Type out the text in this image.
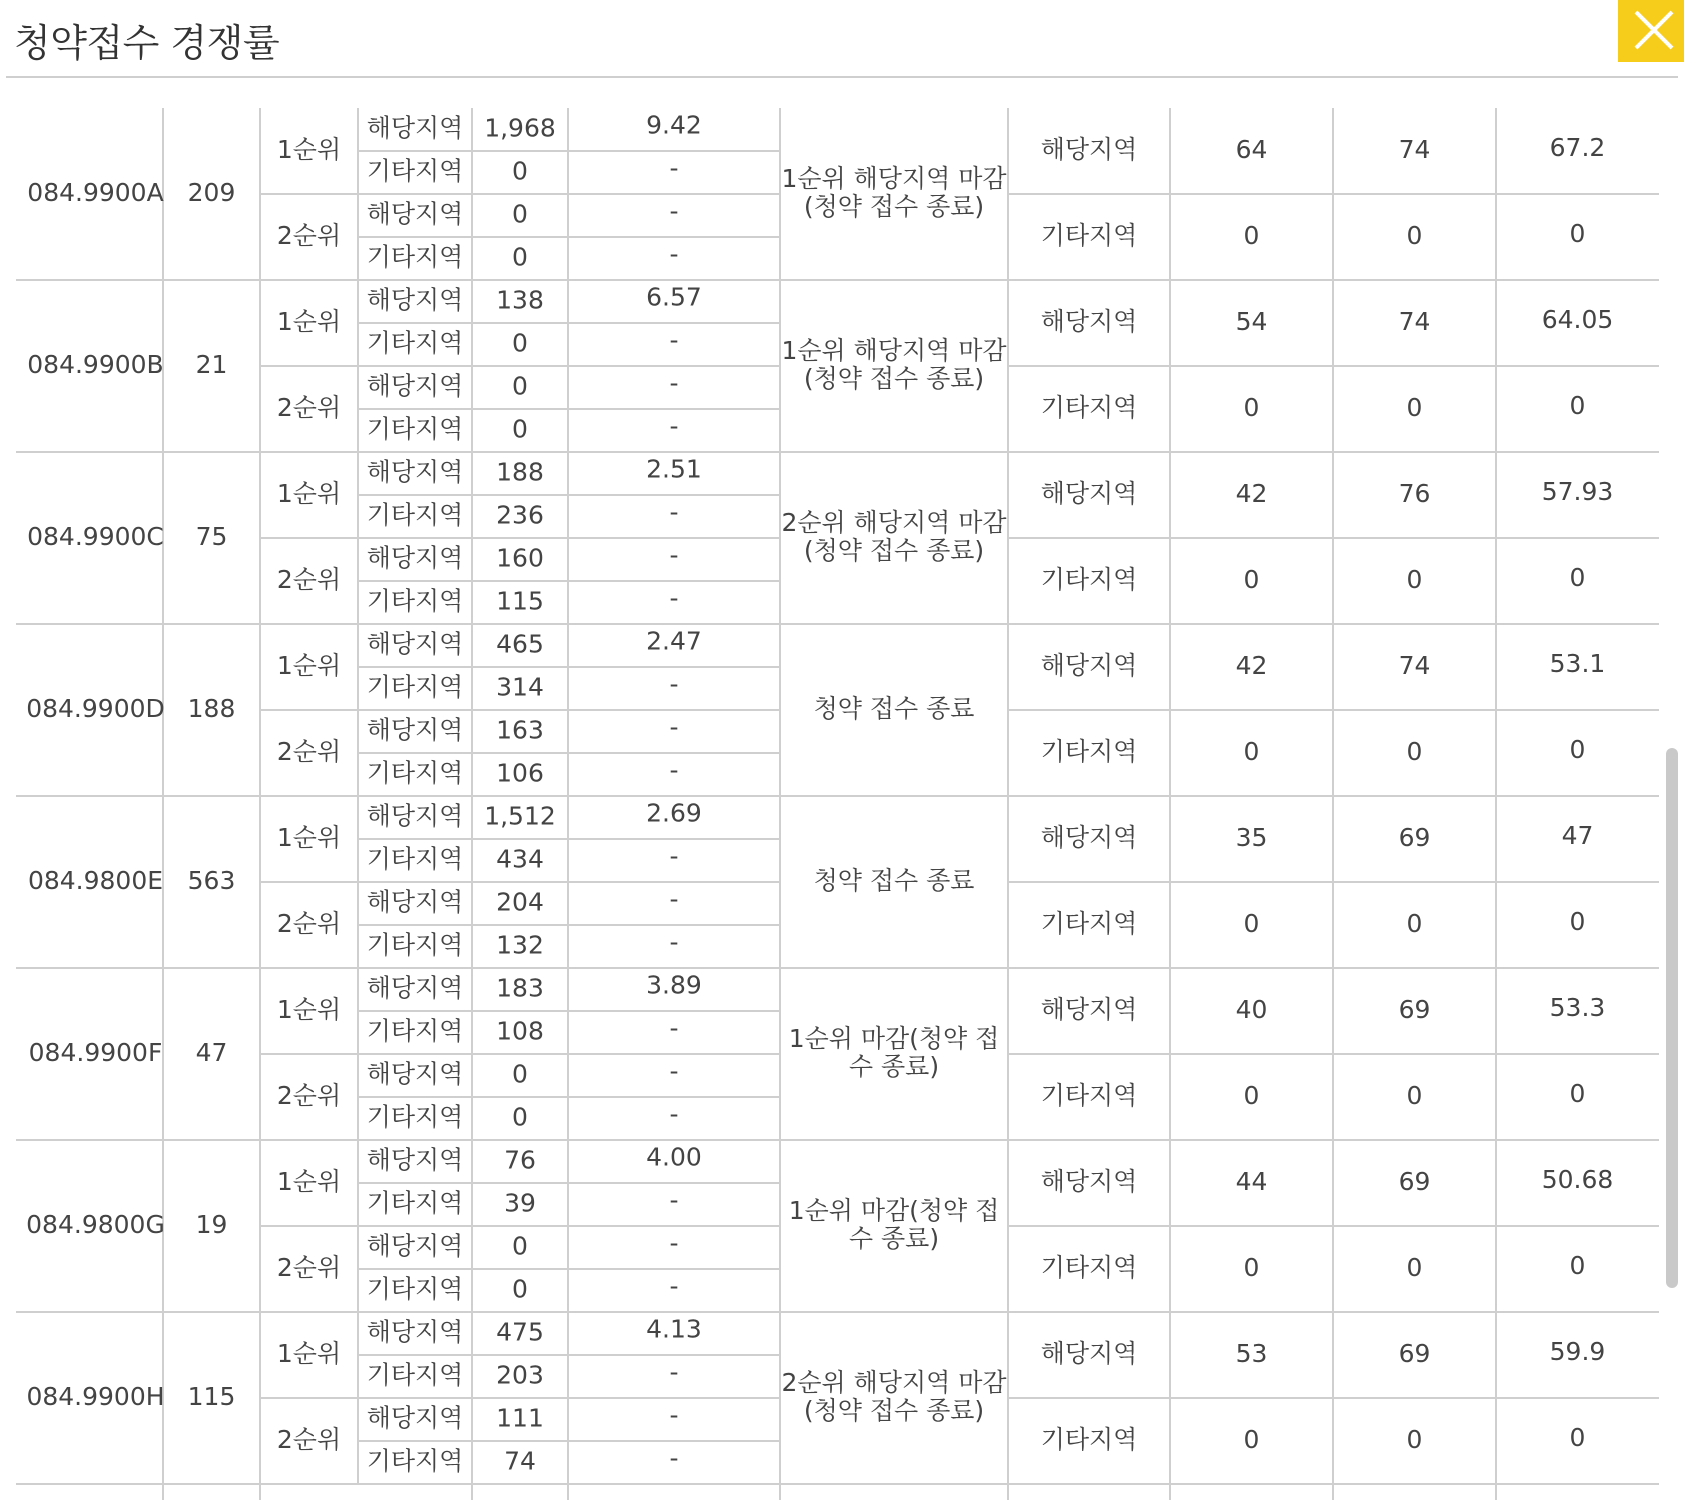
청약접수 경쟁률
084.9900A 209
1순위
해당지역 1,968	9.42
기타지역 0	-
2순위
해당지역 0	-
기타지역 0	-
1순위 해당지역 마감 (청약 접수 종료)
해당지역	64	74	67.2
기타지역	0	0	0
084.9900B 21
1순위
해당지역 138	6.57
기타지역 0	-
2순위
해당지역 0	-
기타지역 0	-
1순위 해당지역 마감 (청약 접수 종료)
해당지역	54	74	64.05
기타지역	0	0	0
084.9900C 75
1순위
해당지역 188	2.51
기타지역 236	-
2순위
해당지역 160	-
기타지역 115	-
2순위 해당지역 마감 (청약 접수 종료)
해당지역	42	76	57.93
기타지역	0	0	0
084.9900D 188
1순위
해당지역 465	2.47
기타지역 314	-
2순위
해당지역 163	-
기타지역 106	-
청약 접수 종료
해당지역	42	74	53.1
기타지역	0	0	0
084.9800E 563
1순위
해당지역 1,512	2.69
기타지역 434	-
2순위
해당지역 204	-
기타지역 132	-
청약 접수 종료
해당지역	35	69	47
기타지역	0	0	0
084.9900F 47
1순위
해당지역 183	3.89
기타지역 108	-
2순위
해당지역 0	-
기타지역 0	-
1순위 마감(청약 접 수 종료)
해당지역	40	69	53.3
기타지역	0	0	0
084.9800G 19
1순위
해당지역 76	4.00
기타지역 39	-
2순위
해당지역 0	-
기타지역 0	-
1순위 마감(청약 접 수 종료)
해당지역	44	69	50.68
기타지역	0	0	0
084.9900H 115
1순위
해당지역 475	4.13
기타지역 203	-
2순위
해당지역 111	-
기타지역 74	-
2순위 해당지역 마감 (청약 접수 종료)
해당지역	53	69	59.9
기타지역	0	0	0
